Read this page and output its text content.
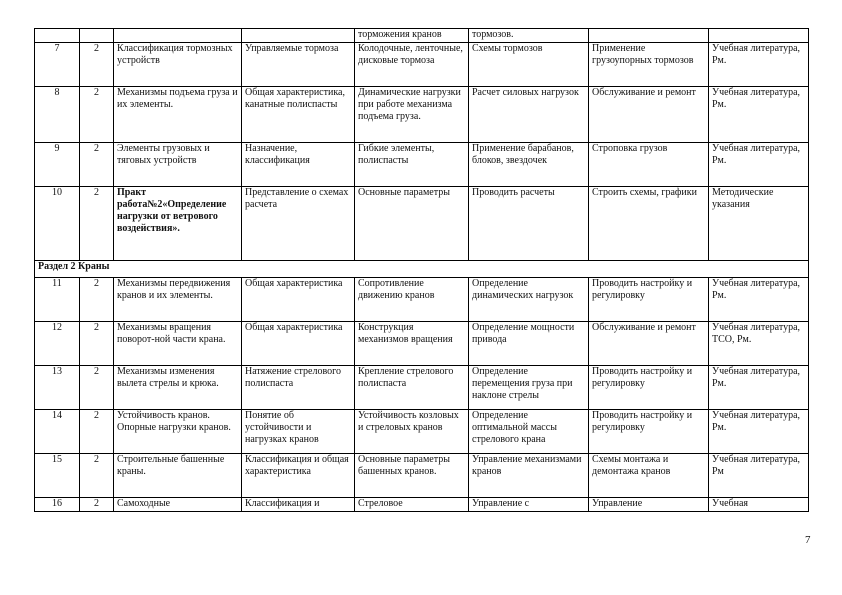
				торможения кранов	тормозов.		
7	2	Классификация тормозных устройств	Управляемые тормоза	Колодочные, ленточные, дисковые тормоза	Схемы тормозов	Применение грузоупорных тормозов	Учебная литература, Рм.
8	2	Механизмы подъема груза и их элементы.	Общая характеристика, канатные полиспасты	Динамические нагрузки при работе механизма подъема груза.	Расчет силовых нагрузок	Обслуживание и ремонт	Учебная литература, Рм.
9	2	Элементы грузовых и тяговых устройств	Назначение, классификация	Гибкие элементы, полиспасты	Применение барабанов, блоков, звездочек	Строповка грузов	Учебная литература, Рм.
10	2	Практ работа№2«Определение нагрузки от ветрового воздействия».	Представление о схемах расчета	Основные параметры	Проводить расчеты	Строить схемы, графики	Методические указания
Раздел 2 Краны							
11	2	Механизмы передвижения кранов и их элементы.	Общая характеристика	Сопротивление движению кранов	Определение динамических нагрузок	Проводить настройку и регулировку	Учебная литература, Рм.
12	2	Механизмы вращения поворот-ной части крана.	Общая характеристика	Конструкция механизмов вращения	Определение мощности привода	Обслуживание и ремонт	Учебная литература, ТСО, Рм.
13	2	Механизмы изменения вылета стрелы и крюка.	Натяжение стрелового полиспаста	Крепление стрелового полиспаста	Определение перемещения груза при наклоне стрелы	Проводить настройку и регулировку	Учебная литература, Рм.
14	2	Устойчивость кранов. Опорные нагрузки кранов.	Понятие об устойчивости и нагрузках кранов	Устойчивость козловых и стреловых кранов	Определение оптимальной массы стрелового крана	Проводить настройку и регулировку	Учебная литература, Рм.
15	2	Строительные башенные краны.	Классификация и общая характеристика	Основные параметры башенных кранов.	Управление механизмами кранов	Схемы монтажа и демонтажа кранов	Учебная литература, Рм
16	2	Самоходные	Классификация и	Стреловое	Управление с	Управление	Учебная
7
